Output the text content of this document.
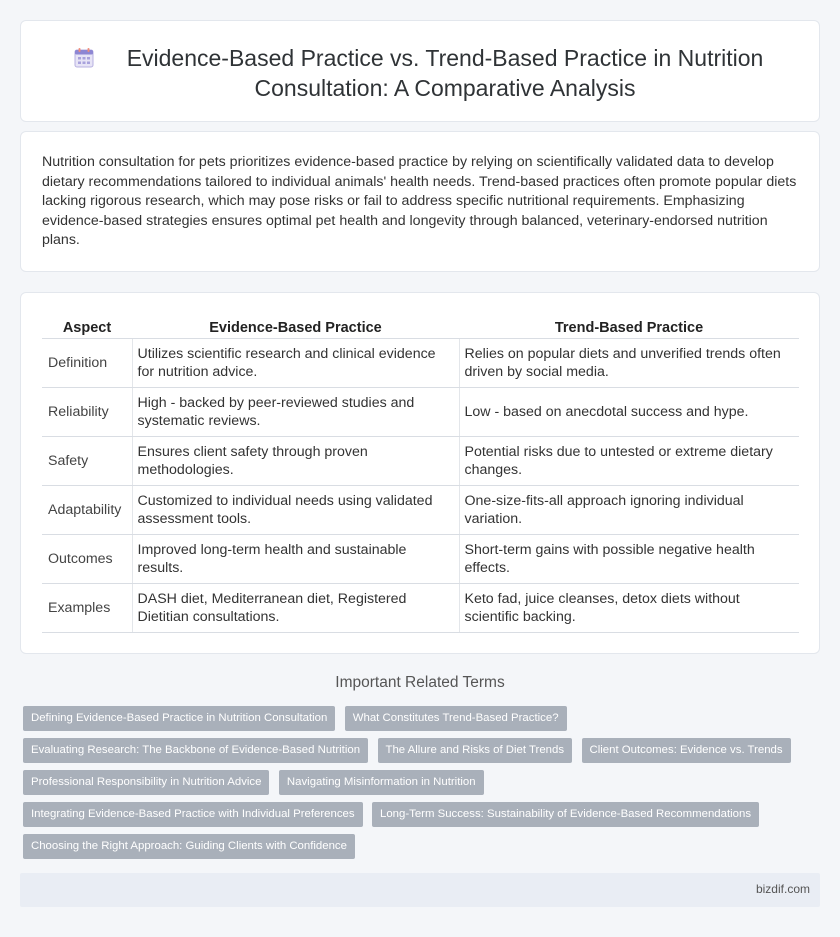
Evidence-Based Practice vs. Trend-Based Practice in Nutrition Consultation: A Comparative Analysis

Nutrition consultation for pets prioritizes evidence-based practice by relying on scientifically validated data to develop dietary recommendations tailored to individual animals' health needs. Trend-based practices often promote popular diets lacking rigorous research, which may pose risks or fail to address specific nutritional requirements. Emphasizing evidence-based strategies ensures optimal pet health and longevity through balanced, veterinary-endorsed nutrition plans.

Aspect	Evidence-Based Practice	Trend-Based Practice
Definition	Utilizes scientific research and clinical evidence for nutrition advice.	Relies on popular diets and unverified trends often driven by social media.
Reliability	High - backed by peer-reviewed studies and systematic reviews.	Low - based on anecdotal success and hype.
Safety	Ensures client safety through proven methodologies.	Potential risks due to untested or extreme dietary changes.
Adaptability	Customized to individual needs using validated assessment tools.	One-size-fits-all approach ignoring individual variation.
Outcomes	Improved long-term health and sustainable results.	Short-term gains with possible negative health effects.
Examples	DASH diet, Mediterranean diet, Registered Dietitian consultations.	Keto fad, juice cleanses, detox diets without scientific backing.
Important Related Terms
Defining Evidence-Based Practice in Nutrition Consultation What Constitutes Trend-Based Practice?
Evaluating Research: The Backbone of Evidence-Based Nutrition The Allure and Risks of Diet Trends Client Outcomes: Evidence vs. Trends
Professional Responsibility in Nutrition Advice Navigating Misinformation in Nutrition
Integrating Evidence-Based Practice with Individual Preferences Long-Term Success: Sustainability of Evidence-Based Recommendations
Choosing the Right Approach: Guiding Clients with Confidence
bizdif.com
